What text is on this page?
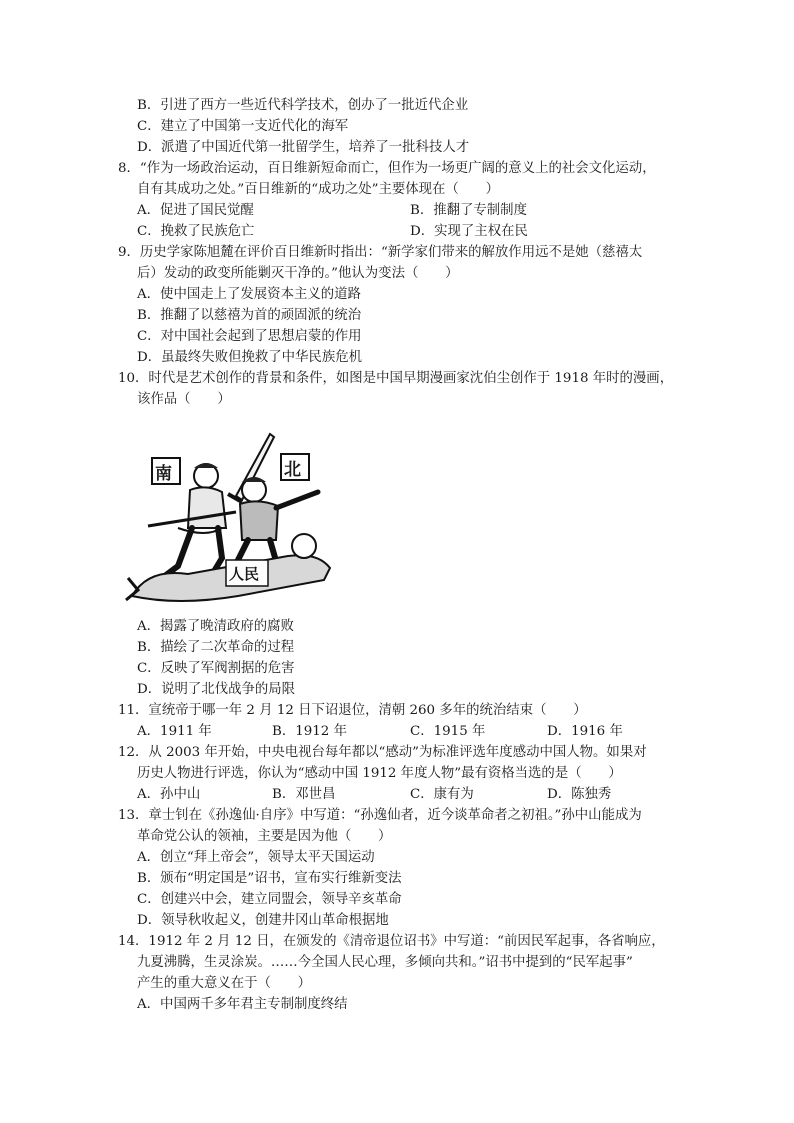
B．引进了西方一些近代科学技术，创办了一批近代企业
C．建立了中国第一支近代化的海军
D．派遣了中国近代第一批留学生，培养了一批科技人才
8．“作为一场政治运动，百日维新短命而亡，但作为一场更广阔的意义上的社会文化运动，
自有其成功之处。”百日维新的“成功之处”主要体现在（　　）
A．促进了国民觉醒	B．推翻了专制制度
C．挽救了民族危亡	D．实现了主权在民
9．历史学家陈旭麓在评价百日维新时指出：“新学家们带来的解放作用远不是她（慈禧太
后）发动的政变所能剿灭干净的。”他认为变法（　　）
A．使中国走上了发展资本主义的道路
B．推翻了以慈禧为首的顽固派的统治
C．对中国社会起到了思想启蒙的作用
D．虽最终失败但挽救了中华民族危机
10．时代是艺术创作的背景和条件，如图是中国早期漫画家沈伯尘创作于 1918 年时的漫画，
该作品（　　）
南	北
人民
A．揭露了晚清政府的腐败
B．描绘了二次革命的过程
C．反映了军阀割据的危害
D．说明了北伐战争的局限
11．宣统帝于哪一年 2 月 12 日下诏退位，清朝 260 多年的统治结束（　　）
A．1911 年	B．1912 年	C．1915 年	D．1916 年
12．从 2003 年开始，中央电视台每年都以“感动”为标准评选年度感动中国人物。如果对
历史人物进行评选，你认为“感动中国 1912 年度人物”最有资格当选的是（　　）
A．孙中山	B．邓世昌	C．康有为	D．陈独秀
13．章士钊在《孙逸仙·自序》中写道：“孙逸仙者，近今谈革命者之初祖。”孙中山能成为
革命党公认的领袖，主要是因为他（　　）
A．创立“拜上帝会”，领导太平天国运动
B．颁布“明定国是”诏书，宣布实行维新变法
C．创建兴中会，建立同盟会，领导辛亥革命
D．领导秋收起义，创建井冈山革命根据地
14．1912 年 2 月 12 日，在颁发的《清帝退位诏书》中写道：“前因民军起事，各省响应，
九夏沸腾，生灵涂炭。……今全国人民心理，多倾向共和。”诏书中提到的“民军起事”
产生的重大意义在于（　　）
A．中国两千多年君主专制制度终结
